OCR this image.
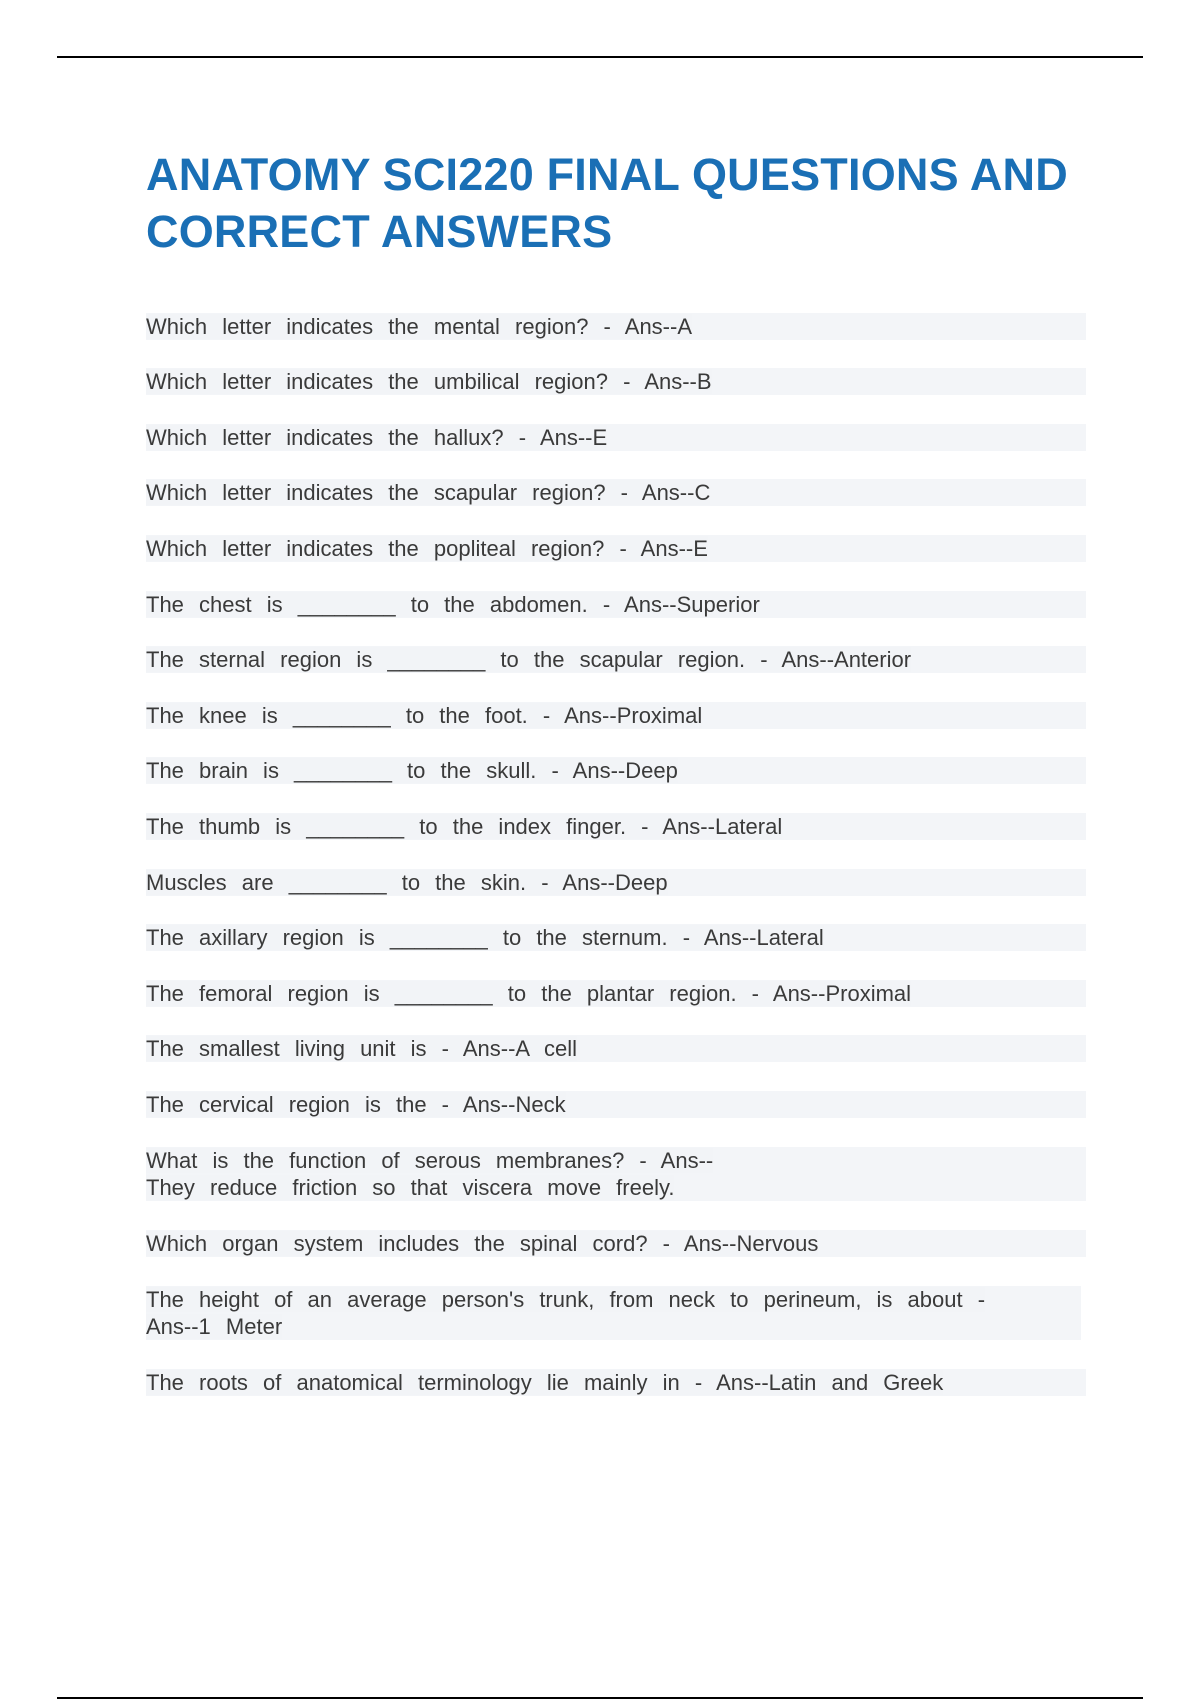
ANATOMY SCI220 FINAL QUESTIONS AND CORRECT ANSWERS
Which letter indicates the mental region? - Ans--A
Which letter indicates the umbilical region? - Ans--B
Which letter indicates the hallux? - Ans--E
Which letter indicates the scapular region? - Ans--C
Which letter indicates the popliteal region? - Ans--E
The chest is ________ to the abdomen. - Ans--Superior
The sternal region is ________ to the scapular region. - Ans--Anterior
The knee is ________ to the foot. - Ans--Proximal
The brain is ________ to the skull. - Ans--Deep
The thumb is ________ to the index finger. - Ans--Lateral
Muscles are ________ to the skin. - Ans--Deep
The axillary region is ________ to the sternum. - Ans--Lateral
The femoral region is ________ to the plantar region. - Ans--Proximal
The smallest living unit is - Ans--A cell
The cervical region is the - Ans--Neck
What is the function of serous membranes? - Ans--
They reduce friction so that viscera move freely.
Which organ system includes the spinal cord? - Ans--Nervous
The height of an average person's trunk, from neck to perineum, is about -
Ans--1 Meter
The roots of anatomical terminology lie mainly in - Ans--Latin and Greek
